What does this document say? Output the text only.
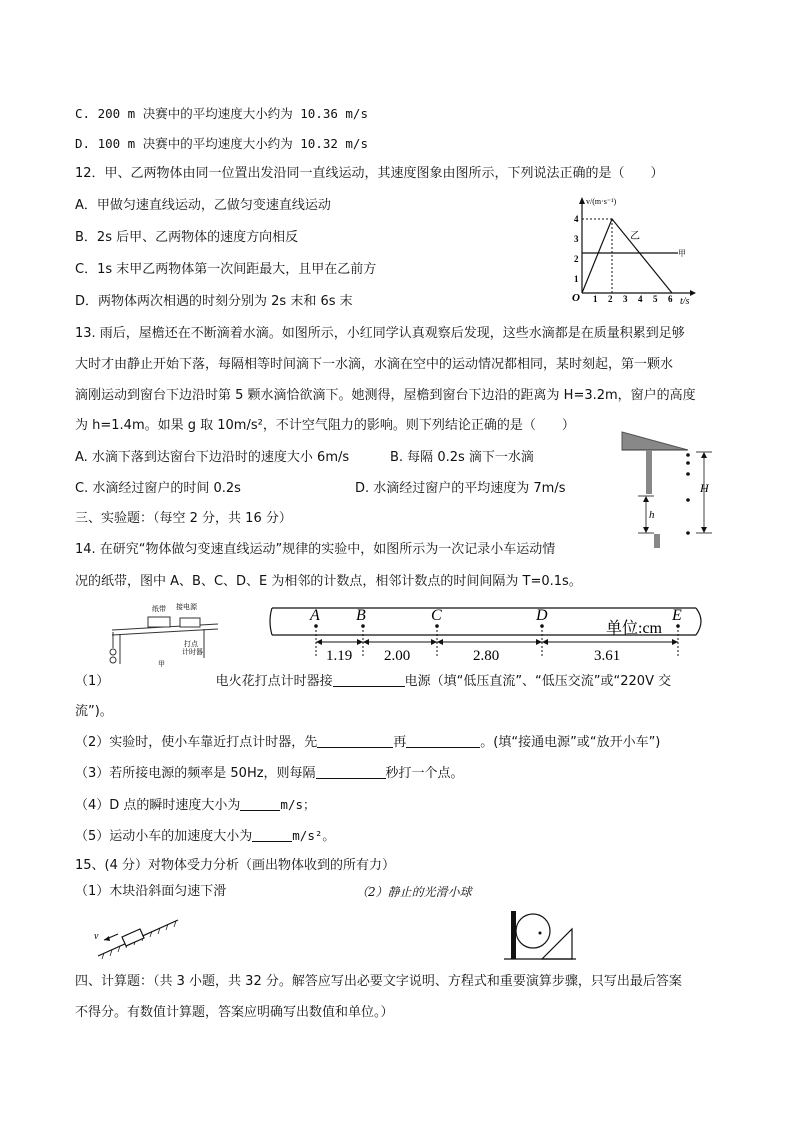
C. 200 m 决赛中的平均速度大小约为 10.36 m/s
D. 100 m 决赛中的平均速度大小约为 10.32 m/s
12．甲、乙两物体由同一位置出发沿同一直线运动，其速度图象由图所示，下列说法正确的是（　　）
A．甲做匀速直线运动，乙做匀变速直线运动
B．2s 后甲、乙两物体的速度方向相反
C．1s 末甲乙两物体第一次间距最大，且甲在乙前方
D．两物体两次相遇的时刻分别为 2s 末和 6s 末
v/(m·s⁻¹)
t/s
O 1 2 3 4 5 6
1
2
3
4
乙
甲
13. 雨后，屋檐还在不断滴着水滴。如图所示，小红同学认真观察后发现，这些水滴都是在质量积累到足够
大时才由静止开始下落，每隔相等时间滴下一水滴，水滴在空中的运动情况都相同，某时刻起，第一颗水
滴刚运动到窗台下边沿时第 5 颗水滴恰欲滴下。她测得，屋檐到窗台下边沿的距离为 H=3.2m，窗户的高度
为 h=1.4m。如果 g 取 10m/s²，不计空气阻力的影响。则下列结论正确的是（　　）
A. 水滴下落到达窗台下边沿时的速度大小 6m/s	B. 每隔 0.2s 滴下一水滴
C. 水滴经过窗户的时间 0.2s	D. 水滴经过窗户的平均速度为 7m/s	H
h
三、实验题：（每空 2 分，共 16 分）
14. 在研究“物体做匀变速直线运动”规律的实验中，如图所示为一次记录小车运动情
况的纸带，图中 A、B、C、D、E 为相邻的计数点，相邻计数点的时间间隔为 T=0.1s。
纸带 接电源
打点
计时器
甲
A B	C	D	E
1.19 2.00	2.80	3.61
单位:cm
（1）	电火花打点计时器接	电源（填“低压直流”、“低压交流”或“220V 交
流”)。
（2）实验时，使小车靠近打点计时器，先	再	。(填“接通电源”或“放开小车”)
（3）若所接电源的频率是 50Hz，则每隔	秒打一个点。
（4）D 点的瞬时速度大小为	m/s；
（5）运动小车的加速度大小为	m/s²。
15、(4 分）对物体受力分析（画出物体收到的所有力）
（1）木块沿斜面匀速下滑	（2）静止的光滑小球
v
四、计算题：（共 3 小题，共 32 分。解答应写出必要文字说明、方程式和重要演算步骤，只写出最后答案
不得分。有数值计算题，答案应明确写出数值和单位。）
